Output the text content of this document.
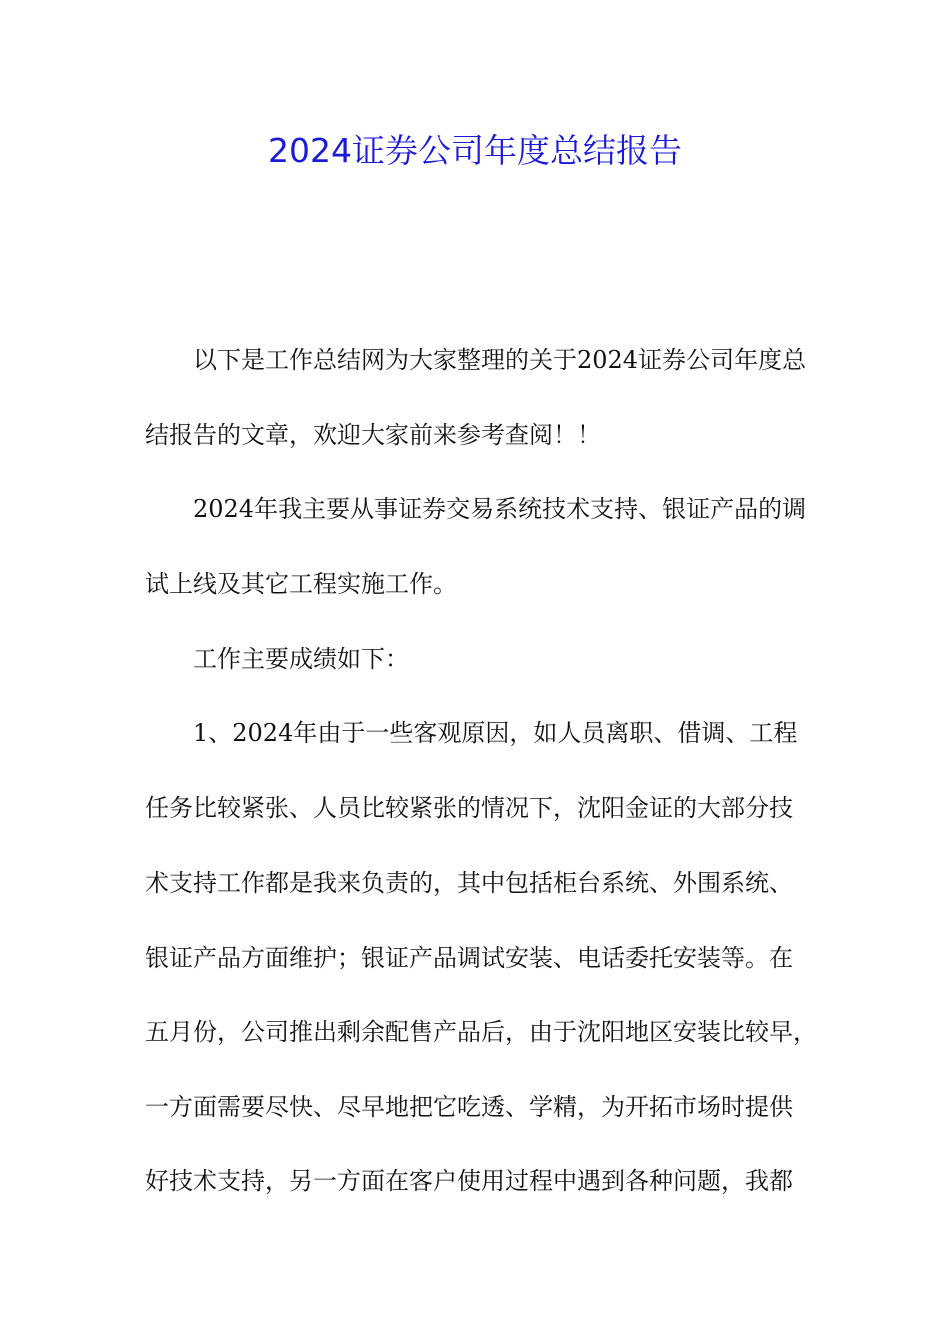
2024证券公司年度总结报告

以下是工作总结网为大家整理的关于2024证券公司年度总

结报告的文章，欢迎大家前来参考查阅！！

2024年我主要从事证券交易系统技术支持、银证产品的调

试上线及其它工程实施工作。

工作主要成绩如下：

1、2024年由于一些客观原因，如人员离职、借调、工程

任务比较紧张、人员比较紧张的情况下，沈阳金证的大部分技

术支持工作都是我来负责的，其中包括柜台系统、外围系统、

银证产品方面维护；银证产品调试安装、电话委托安装等。在

五月份，公司推出剩余配售产品后，由于沈阳地区安装比较早，

一方面需要尽快、尽早地把它吃透、学精，为开拓市场时提供

好技术支持，另一方面在客户使用过程中遇到各种问题，我都
